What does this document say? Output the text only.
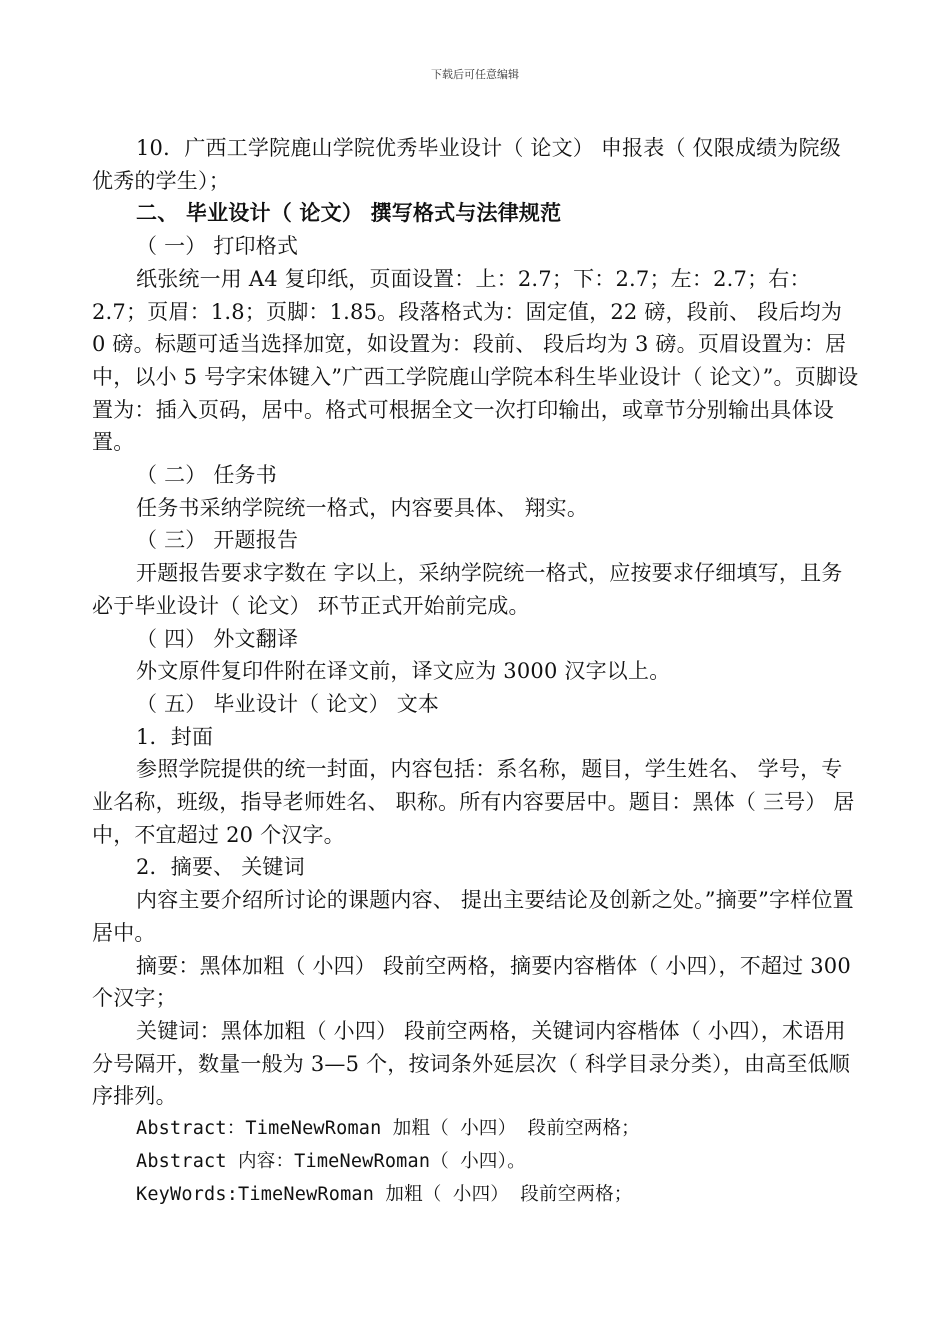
下载后可任意编辑

10．广西工学院鹿山学院优秀毕业设计（ 论文） 申报表（ 仅限成绩为院级优秀的学生）；

二、 毕业设计（ 论文） 撰写格式与法律规范

（ 一） 打印格式

纸张统一用 A4 复印纸，页面设置：上：2.7；下：2.7；左：2.7；右：2.7；页眉：1.8；页脚：1.85。段落格式为：固定值，22 磅，段前、 段后均为 0 磅。标题可适当选择加宽，如设置为：段前、 段后均为 3 磅。页眉设置为：居中，以小 5 号字宋体键入”广西工学院鹿山学院本科生毕业设计（ 论文）”。页脚设置为：插入页码，居中。格式可根据全文一次打印输出，或章节分别输出具体设置。

（ 二） 任务书

任务书采纳学院统一格式，内容要具体、 翔实。

（ 三） 开题报告

开题报告要求字数在 字以上，采纳学院统一格式，应按要求仔细填写，且务必于毕业设计（ 论文） 环节正式开始前完成。

（ 四） 外文翻译

外文原件复印件附在译文前，译文应为 3000 汉字以上。

（ 五） 毕业设计（ 论文） 文本

1．封面

参照学院提供的统一封面，内容包括：系名称，题目，学生姓名、 学号，专业名称，班级，指导老师姓名、 职称。所有内容要居中。题目：黑体（ 三号） 居中，不宜超过 20 个汉字。

2．摘要、 关键词

内容主要介绍所讨论的课题内容、 提出主要结论及创新之处。”摘要”字样位置居中。

摘要：黑体加粗（ 小四） 段前空两格，摘要内容楷体（ 小四），不超过 300 个汉字；

关键词：黑体加粗（ 小四） 段前空两格，关键词内容楷体（ 小四），术语用分号隔开，数量一般为 3—5 个，按词条外延层次（ 科学目录分类），由高至低顺序排列。

Abstract：TimeNewRoman 加粗（ 小四） 段前空两格；

Abstract 内容：TimeNewRoman（ 小四）。

KeyWords:TimeNewRoman 加粗（ 小四） 段前空两格；
